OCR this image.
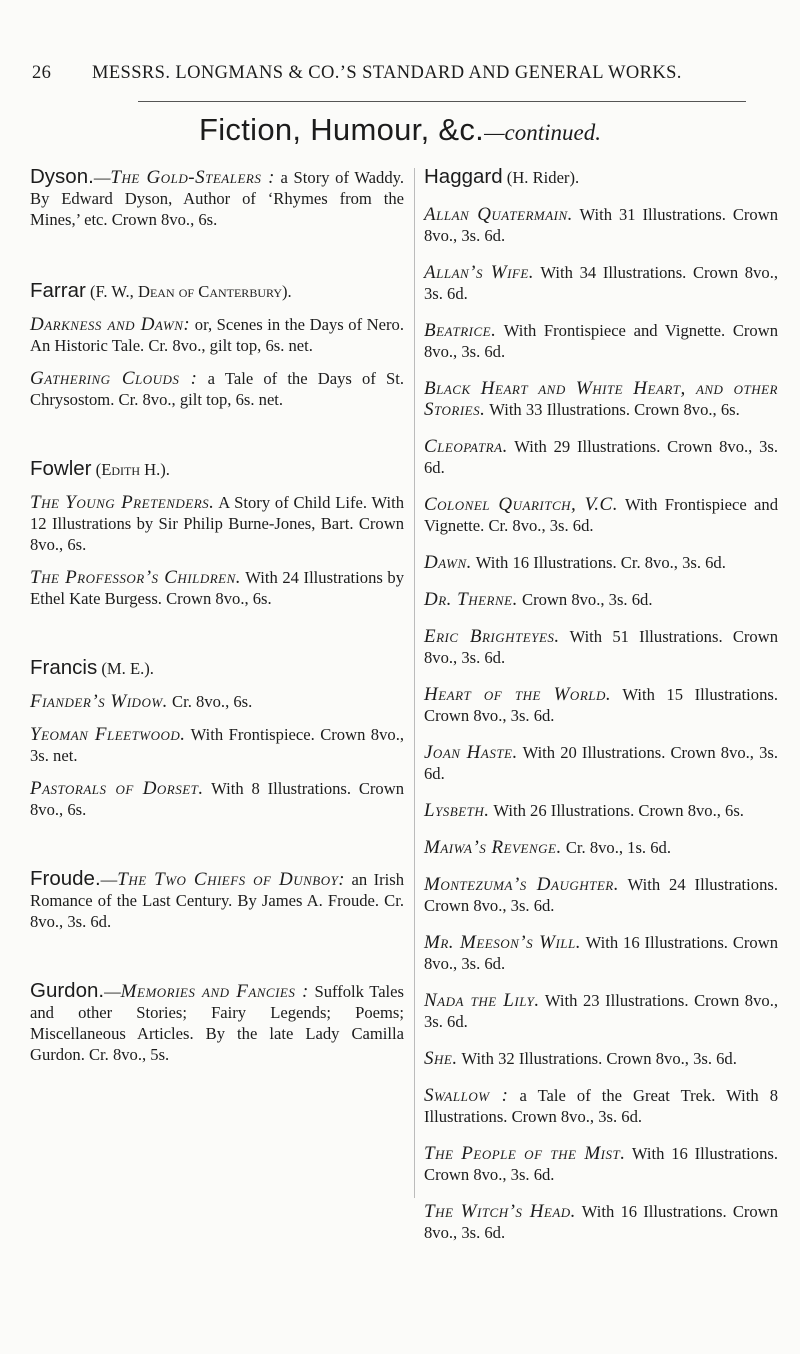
26 MESSRS. LONGMANS & CO.’S STANDARD AND GENERAL WORKS.
Fiction, Humour, &c.—continued.
Dyson.—The Gold-Stealers : a Story of Waddy. By Edward Dyson, Author of ‘Rhymes from the Mines,’ etc. Crown 8vo., 6s.
Farrar (F. W., Dean of Canterbury).
Darkness and Dawn: or, Scenes in the Days of Nero. An Historic Tale. Cr. 8vo., gilt top, 6s. net.
Gathering Clouds : a Tale of the Days of St. Chrysostom. Cr. 8vo., gilt top, 6s. net.
Fowler (Edith H.).
The Young Pretenders. A Story of Child Life. With 12 Illustrations by Sir Philip Burne-Jones, Bart. Crown 8vo., 6s.
The Professor’s Children. With 24 Illustrations by Ethel Kate Burgess. Crown 8vo., 6s.
Francis (M. E.).
Fiander’s Widow. Cr. 8vo., 6s.
Yeoman Fleetwood. With Frontispiece. Crown 8vo., 3s. net.
Pastorals of Dorset. With 8 Illustrations. Crown 8vo., 6s.
Froude.—The Two Chiefs of Dunboy: an Irish Romance of the Last Century. By James A. Froude. Cr. 8vo., 3s. 6d.
Gurdon.—Memories and Fancies : Suffolk Tales and other Stories; Fairy Legends; Poems; Miscellaneous Articles. By the late Lady Camilla Gurdon. Cr. 8vo., 5s.
Haggard (H. Rider).
Allan Quatermain. With 31 Illustrations. Crown 8vo., 3s. 6d.
Allan’s Wife. With 34 Illustrations. Crown 8vo., 3s. 6d.
Beatrice. With Frontispiece and Vignette. Crown 8vo., 3s. 6d.
Black Heart and White Heart, and other Stories. With 33 Illustrations. Crown 8vo., 6s.
Cleopatra. With 29 Illustrations. Crown 8vo., 3s. 6d.
Colonel Quaritch, V.C. With Frontispiece and Vignette. Cr. 8vo., 3s. 6d.
Dawn. With 16 Illustrations. Cr. 8vo., 3s. 6d.
Dr. Therne. Crown 8vo., 3s. 6d.
Eric Brighteyes. With 51 Illustrations. Crown 8vo., 3s. 6d.
Heart of the World. With 15 Illustrations. Crown 8vo., 3s. 6d.
Joan Haste. With 20 Illustrations. Crown 8vo., 3s. 6d.
Lysbeth. With 26 Illustrations. Crown 8vo., 6s.
Maiwa’s Revenge. Cr. 8vo., 1s. 6d.
Montezuma’s Daughter. With 24 Illustrations. Crown 8vo., 3s. 6d.
Mr. Meeson’s Will. With 16 Illustrations. Crown 8vo., 3s. 6d.
Nada the Lily. With 23 Illustrations. Crown 8vo., 3s. 6d.
She. With 32 Illustrations. Crown 8vo., 3s. 6d.
Swallow : a Tale of the Great Trek. With 8 Illustrations. Crown 8vo., 3s. 6d.
The People of the Mist. With 16 Illustrations. Crown 8vo., 3s. 6d.
The Witch’s Head. With 16 Illustrations. Crown 8vo., 3s. 6d.
